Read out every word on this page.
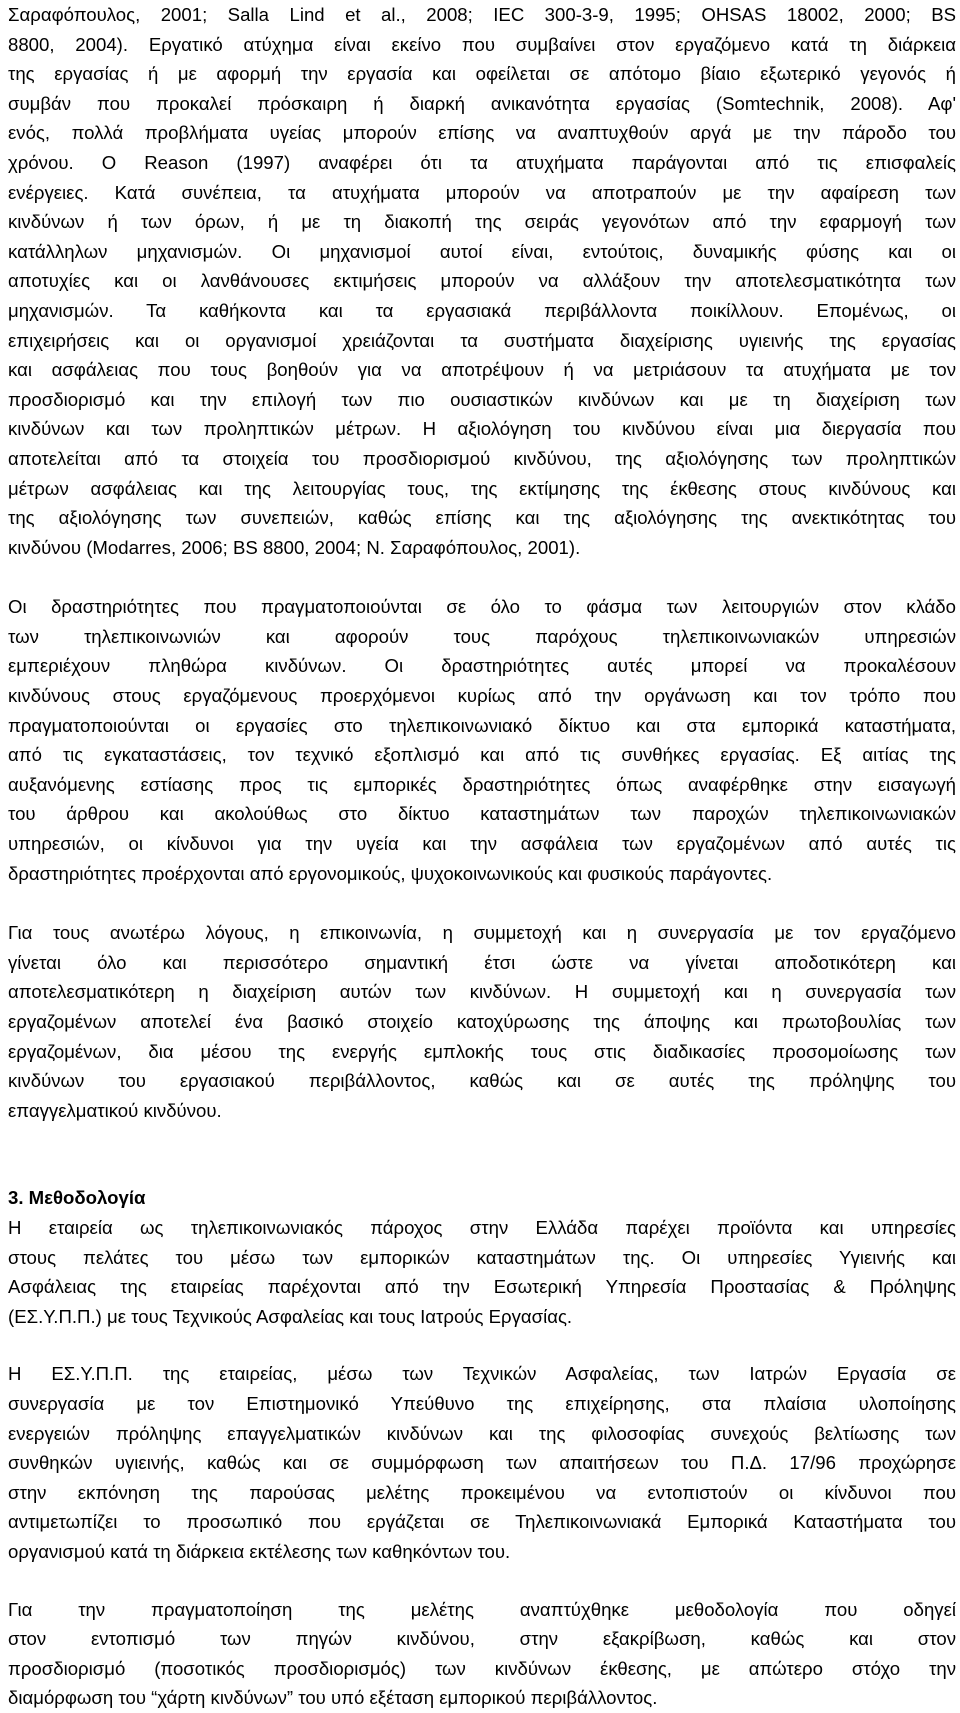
Σαραφόπουλος, 2001; Salla Lind et al., 2008; IEC 300-3-9, 1995; OHSAS 18002, 2000; BS
8800, 2004). Εργατικό ατύχημα είναι εκείνο που συμβαίνει στον εργαζόμενο κατά τη διάρκεια
της εργασίας ή με αφορμή την εργασία και οφείλεται σε απότομο βίαιο εξωτερικό γεγονός ή
συμβάν που προκαλεί πρόσκαιρη ή διαρκή ανικανότητα εργασίας (Somtechnik, 2008). Αφ'
ενός, πολλά προβλήματα υγείας μπορούν επίσης να αναπτυχθούν αργά με την πάροδο του
χρόνου. Ο Reason (1997) αναφέρει ότι τα ατυχήματα παράγονται από τις επισφαλείς
ενέργειες. Κατά συνέπεια, τα ατυχήματα μπορούν να αποτραπούν με την αφαίρεση των
κινδύνων ή των όρων, ή με τη διακοπή της σειράς γεγονότων από την εφαρμογή των
κατάλληλων μηχανισμών. Οι μηχανισμοί αυτοί είναι, εντούτοις, δυναμικής φύσης και οι
αποτυχίες και οι λανθάνουσες εκτιμήσεις μπορούν να αλλάξουν την αποτελεσματικότητα των
μηχανισμών. Τα καθήκοντα και τα εργασιακά περιβάλλοντα ποικίλλουν. Επομένως, οι
επιχειρήσεις και οι οργανισμοί χρειάζονται τα συστήματα διαχείρισης υγιεινής της εργασίας
και ασφάλειας που τους βοηθούν για να αποτρέψουν ή να μετριάσουν τα ατυχήματα με τον
προσδιορισμό και την επιλογή των πιο ουσιαστικών κινδύνων και με τη διαχείριση των
κινδύνων και των προληπτικών μέτρων. Η αξιολόγηση του κινδύνου είναι μια διεργασία που
αποτελείται από τα στοιχεία του προσδιορισμού κινδύνου, της αξιολόγησης των προληπτικών
μέτρων ασφάλειας και της λειτουργίας τους, της εκτίμησης της έκθεσης στους κινδύνους και
της αξιολόγησης των συνεπειών, καθώς επίσης και της αξιολόγησης της ανεκτικότητας του
κινδύνου (Modarres, 2006; BS 8800, 2004; Ν. Σαραφόπουλος, 2001).
Οι δραστηριότητες που πραγματοποιούνται σε όλο το φάσμα των λειτουργιών στον κλάδο
των τηλεπικοινωνιών και αφορούν τους παρόχους τηλεπικοινωνιακών υπηρεσιών
εμπεριέχουν πληθώρα κινδύνων. Οι δραστηριότητες αυτές μπορεί να προκαλέσουν
κινδύνους στους εργαζόμενους προερχόμενοι κυρίως από την οργάνωση και τον τρόπο που
πραγματοποιούνται οι εργασίες στο τηλεπικοινωνιακό δίκτυο και στα εμπορικά καταστήματα,
από τις εγκαταστάσεις, τον τεχνικό εξοπλισμό και από τις συνθήκες εργασίας. Εξ αιτίας της
αυξανόμενης εστίασης προς τις εμπορικές δραστηριότητες όπως αναφέρθηκε στην εισαγωγή
του άρθρου και ακολούθως στο δίκτυο καταστημάτων των παροχών τηλεπικοινωνιακών
υπηρεσιών, οι κίνδυνοι για την υγεία και την ασφάλεια των εργαζομένων από αυτές τις
δραστηριότητες προέρχονται από εργονομικούς, ψυχοκοινωνικούς και φυσικούς παράγοντες.
Για τους ανωτέρω λόγους, η επικοινωνία, η συμμετοχή και η συνεργασία με τον εργαζόμενο
γίνεται όλο και περισσότερο σημαντική έτσι ώστε να γίνεται αποδοτικότερη και
αποτελεσματικότερη η διαχείριση αυτών των κινδύνων. Η συμμετοχή και η συνεργασία των
εργαζομένων αποτελεί ένα βασικό στοιχείο κατοχύρωσης της άποψης και πρωτοβουλίας των
εργαζομένων, δια μέσου της ενεργής εμπλοκής τους στις διαδικασίες προσομοίωσης των
κινδύνων του εργασιακού περιβάλλοντος, καθώς και σε αυτές της πρόληψης του
επαγγελματικού κινδύνου.
3. Μεθοδολογία
Η εταιρεία ως τηλεπικοινωνιακός πάροχος στην Ελλάδα παρέχει προϊόντα και υπηρεσίες
στους πελάτες του μέσω των εμπορικών καταστημάτων της. Οι υπηρεσίες Υγιεινής και
Ασφάλειας της εταιρείας παρέχονται από την Εσωτερική Υπηρεσία Προστασίας & Πρόληψης
(ΕΣ.Υ.Π.Π.) με τους Τεχνικούς Ασφαλείας και τους Ιατρούς Εργασίας.
Η ΕΣ.Υ.Π.Π. της εταιρείας, μέσω των Τεχνικών Ασφαλείας, των Ιατρών Εργασία σε
συνεργασία με τον Επιστημονικό Υπεύθυνο της επιχείρησης, στα πλαίσια υλοποίησης
ενεργειών πρόληψης επαγγελματικών κινδύνων και της φιλοσοφίας συνεχούς βελτίωσης των
συνθηκών υγιεινής, καθώς και σε συμμόρφωση των απαιτήσεων του Π.Δ. 17/96 προχώρησε
στην εκπόνηση της παρούσας μελέτης προκειμένου να εντοπιστούν οι κίνδυνοι που
αντιμετωπίζει το προσωπικό που εργάζεται σε Τηλεπικοινωνιακά Εμπορικά Καταστήματα του
οργανισμού κατά τη διάρκεια εκτέλεσης των καθηκόντων του.
Για την πραγματοποίηση της μελέτης αναπτύχθηκε μεθοδολογία που οδηγεί
στον εντοπισμό των πηγών κινδύνου, στην εξακρίβωση, καθώς και στον
προσδιορισμό (ποσοτικός προσδιορισμός) των κινδύνων έκθεσης, με απώτερο στόχο την
διαμόρφωση του “χάρτη κινδύνων” του υπό εξέταση εμπορικού περιβάλλοντος.
